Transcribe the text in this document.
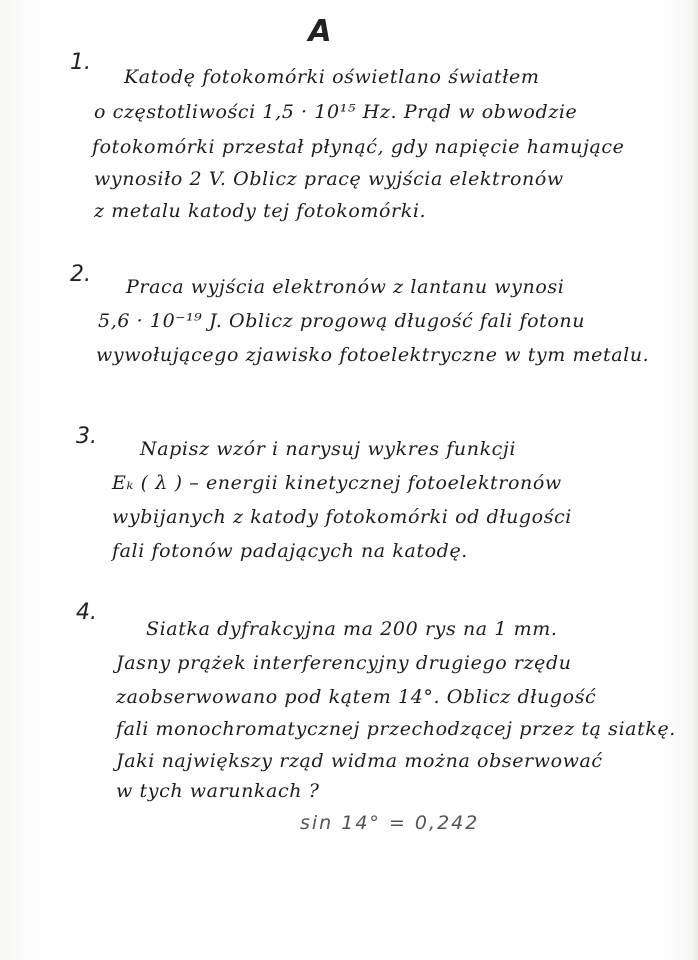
A
1.
Katodę fotokomórki oświetlano światłem
o częstotliwości 1,5 · 10¹⁵ Hz. Prąd w obwodzie
fotokomórki przestał płynąć, gdy napięcie hamujące
wynosiło 2 V. Oblicz pracę wyjścia elektronów
z metalu katody tej fotokomórki.
2. Praca wyjścia elektronów z lantanu wynosi
5,6 · 10⁻¹⁹ J. Oblicz progową długość fali fotonu
wywołującego zjawisko fotoelektryczne w tym metalu.
3. Napisz wzór i narysuj wykres funkcji
Eₖ ( λ ) – energii kinetycznej fotoelektronów
wybijanych z katody fotokomórki od długości
fali fotonów padających na katodę.
4.
Siatka dyfrakcyjna ma 200 rys na 1 mm.
Jasny prążek interferencyjny drugiego rzędu
zaobserwowano pod kątem 14°. Oblicz długość
fali monochromatycznej przechodzącej przez tą siatkę.
Jaki największy rząd widma można obserwować
w tych warunkach ?
sin 14° = 0,242
